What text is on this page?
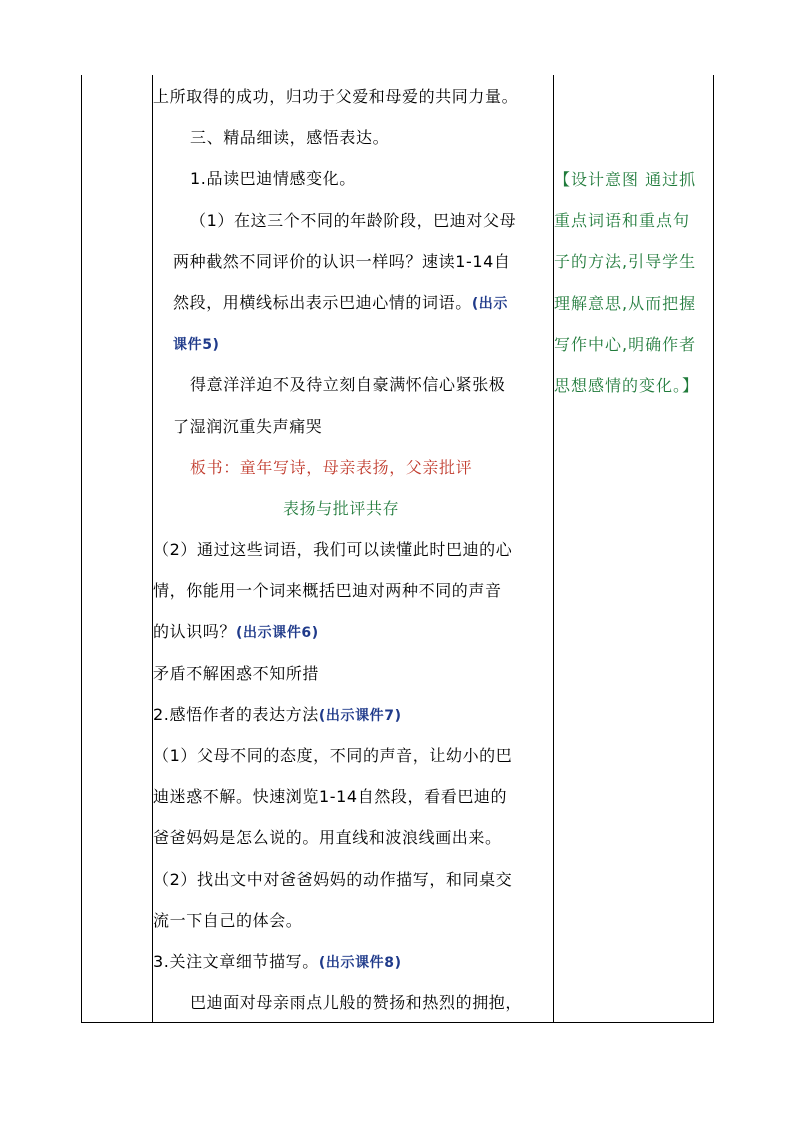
上所取得的成功，归功于父爱和母爱的共同力量。
三、精品细读，感悟表达。
1.品读巴迪情感变化。
（1）在这三个不同的年龄阶段，巴迪对父母
两种截然不同评价的认识一样吗？速读1-14自
然段，用横线标出表示巴迪心情的词语。(出示
课件5)
得意洋洋迫不及待立刻自豪满怀信心紧张极
了湿润沉重失声痛哭
板书：童年写诗，母亲表扬，父亲批评
表扬与批评共存
（2）通过这些词语，我们可以读懂此时巴迪的心
情，你能用一个词来概括巴迪对两种不同的声音
的认识吗？(出示课件6)
矛盾不解困惑不知所措
2.感悟作者的表达方法(出示课件7)
（1）父母不同的态度，不同的声音，让幼小的巴
迪迷惑不解。快速浏览1-14自然段，看看巴迪的
爸爸妈妈是怎么说的。用直线和波浪线画出来。
（2）找出文中对爸爸妈妈的动作描写，和同桌交
流一下自己的体会。
3.关注文章细节描写。(出示课件8)
巴迪面对母亲雨点儿般的赞扬和热烈的拥抱，
【设计意图 通过抓
重点词语和重点句
子的方法,引导学生
理解意思,从而把握
写作中心,明确作者
思想感情的变化。】
